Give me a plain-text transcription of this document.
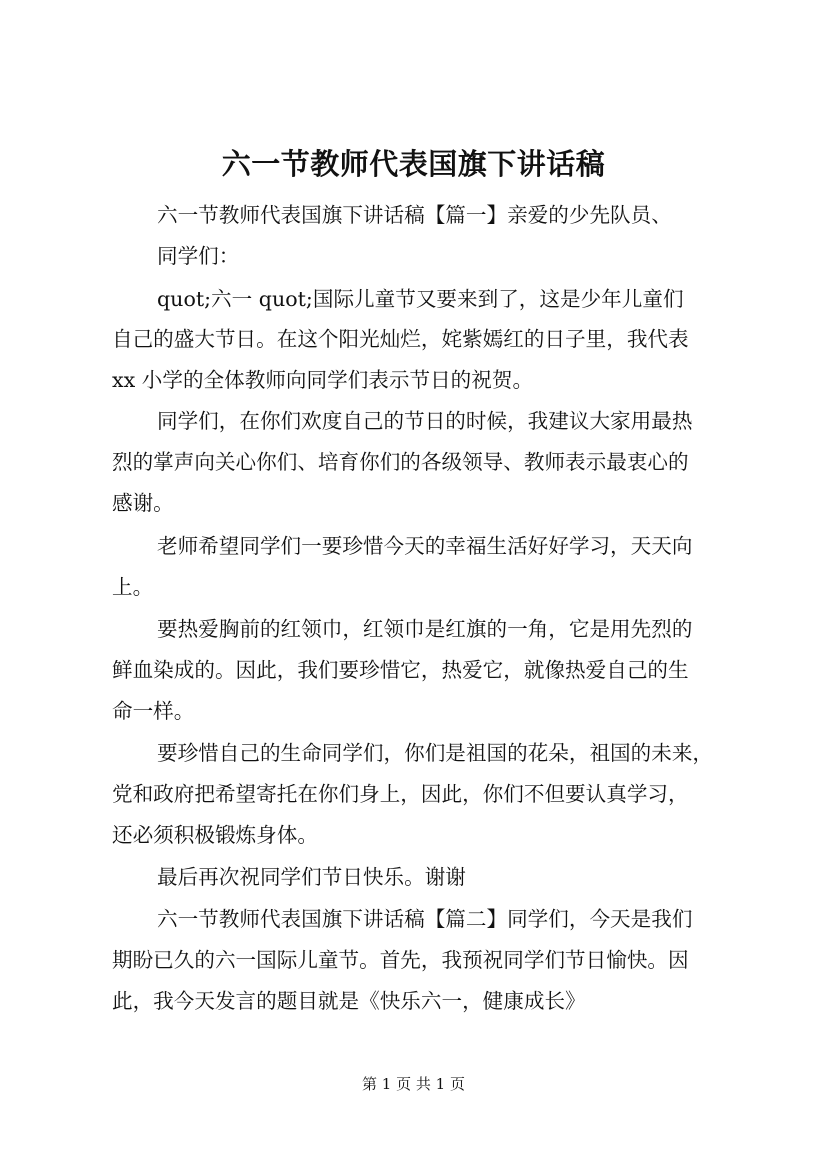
六一节教师代表国旗下讲话稿

六一节教师代表国旗下讲话稿【篇一】亲爱的少先队员、

同学们：

quot;六一 quot;国际儿童节又要来到了，这是少年儿童们

自己的盛大节日。在这个阳光灿烂，姹紫嫣红的日子里，我代表

xx 小学的全体教师向同学们表示节日的祝贺。

同学们，在你们欢度自己的节日的时候，我建议大家用最热

烈的掌声向关心你们、培育你们的各级领导、教师表示最衷心的

感谢。

老师希望同学们一要珍惜今天的幸福生活好好学习，天天向

上。

要热爱胸前的红领巾，红领巾是红旗的一角，它是用先烈的

鲜血染成的。因此，我们要珍惜它，热爱它，就像热爱自己的生

命一样。

要珍惜自己的生命同学们，你们是祖国的花朵，祖国的未来，

党和政府把希望寄托在你们身上，因此，你们不但要认真学习，

还必须积极锻炼身体。

最后再次祝同学们节日快乐。谢谢

六一节教师代表国旗下讲话稿【篇二】同学们，今天是我们

期盼已久的六一国际儿童节。首先，我预祝同学们节日愉快。因

此，我今天发言的题目就是《快乐六一，健康成长》

第 1 页 共 1 页
